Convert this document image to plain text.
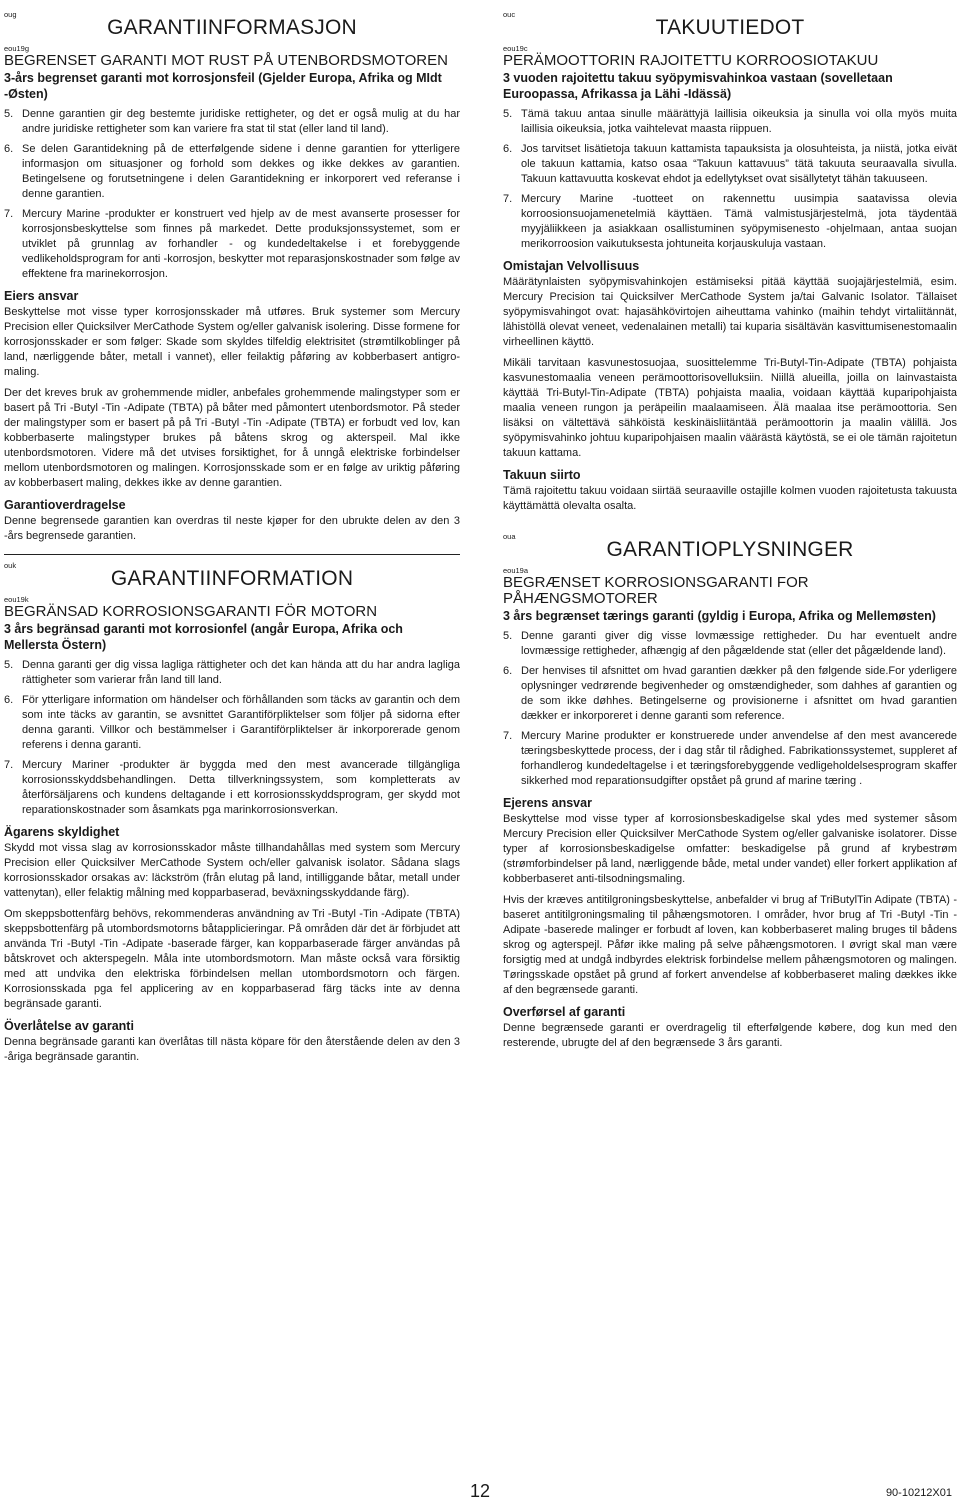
oug
GARANTIINFORMASJON
eou19g
BEGRENSET GARANTI MOT RUST PÅ UTENBORDSMOTOREN
3-års begrenset garanti mot korrosjonsfeil (Gjelder Europa, Afrika og MIdt -Østen)
5. Denne garantien gir deg bestemte juridiske rettigheter, og det er også mulig at du har andre juridiske rettigheter som kan variere fra stat til stat (eller land til land).
6. Se delen Garantidekning på de etterfølgende sidene i denne garantien for ytterligere informasjon om situasjoner og forhold som dekkes og ikke dekkes av garantien. Betingelsene og forutsetningene i delen Garantidekning er inkorporert ved referanse i denne garantien.
7. Mercury Marine -produkter er konstruert ved hjelp av de mest avanserte prosesser for korrosjonsbeskyttelse som finnes på markedet. Dette produksjonssystemet, som er utviklet på grunnlag av forhandler - og kundedeltakelse i et forebyggende vedlikeholdsprogram for anti -korrosjon, beskytter mot reparasjonskostnader som følge av effektene fra marinekorrosjon.
Eiers ansvar

Beskyttelse mot visse typer korrosjonsskader må utføres. Bruk systemer som Mercury Precision eller Quicksilver MerCathode System og/eller galvanisk isolering. Disse formene for korrosjonsskader er som følger: Skade som skyldes tilfeldig elektrisitet (strømtilkoblinger på land, nærliggende båter, metall i vannet), eller feilaktig påføring av kobberbasert antigro-maling.

Der det kreves bruk av grohemmende midler, anbefales grohemmende malingstyper som er basert på Tri -Butyl -Tin -Adipate (TBTA) på båter med påmontert utenbordsmotor. På steder der malingstyper som er basert på på Tri -Butyl -Tin -Adipate (TBTA) er forbudt ved lov, kan kobberbaserte malingstyper brukes på båtens skrog og akterspeil. Mal ikke utenbordsmotoren. Videre må det utvises forsiktighet, for å unngå elektriske forbindelser mellom utenbordsmotoren og malingen. Korrosjonsskade som er en følge av uriktig påføring av kobberbasert maling, dekkes ikke av denne garantien.

Garantioverdragelse

Denne begrensede garantien kan overdras til neste kjøper for den ubrukte delen av den 3 -års begrensede garantien.

ouk
GARANTIINFORMATION
eou19k
BEGRÄNSAD KORROSIONSGARANTI FÖR MOTORN
3 års begränsad garanti mot korrosionfel (angår Europa, Afrika och Mellersta Östern)
5. Denna garanti ger dig vissa lagliga rättigheter och det kan hända att du har andra lagliga rättigheter som varierar från land till land.
6. För ytterligare information om händelser och förhållanden som täcks av garantin och dem som inte täcks av garantin, se avsnittet Garantiförpliktelser som följer på sidorna efter denna garanti. Villkor och bestämmelser i Garantiförpliktelser är inkorporerade genom referens i denna garanti.
7. Mercury Mariner -produkter är byggda med den mest avancerade tillgängliga korrosionsskyddsbehandlingen. Detta tillverkningssystem, som kompletterats av återförsäljarens och kundens deltagande i ett korrosionsskyddsprogram, ger skydd mot reparationskostnader som åsamkats pga marinkorrosionsverkan.
Ägarens skyldighet

Skydd mot vissa slag av korrosionsskador måste tillhandahållas med system som Mercury Precision eller Quicksilver MerCathode System och/eller galvanisk isolator. Sådana slags korrosionsskador orsakas av: läckström (från elutag på land, intilliggande båtar, metall under vattenytan), eller felaktig målning med kopparbaserad, beväxningsskyddande färg).

Om skeppsbottenfärg behövs, rekommenderas användning av Tri -Butyl -Tin -Adipate (TBTA) skeppsbottenfärg på utombordsmotorns båtapplicieringar. På områden där det är förbjudet att använda Tri -Butyl -Tin -Adipate -baserade färger, kan kopparbaserade färger användas på båtskrovet och akterspegeln. Måla inte utombordsmotorn. Man måste också vara försiktig med att undvika den elektriska förbindelsen mellan utombordsmotorn och färgen. Korrosionsskada pga fel applicering av en kopparbaserad färg täcks inte av denna begränsade garanti.

Överlåtelse av garanti

Denna begränsade garanti kan överlåtas till nästa köpare för den återstående delen av den 3 -åriga begränsade garantin.

ouc
TAKUUTIEDOT
eou19c
PERÄMOOTTORIN RAJOITETTU KORROOSIOTAKUU
3 vuoden rajoitettu takuu syöpymisvahinkoa vastaan (sovelletaan Euroopassa, Afrikassa ja Lähi -Idässä)
5. Tämä takuu antaa sinulle määrättyjä laillisia oikeuksia ja sinulla voi olla myös muita laillisia oikeuksia, jotka vaihtelevat maasta riippuen.
6. Jos tarvitset lisätietoja takuun kattamista tapauksista ja olosuhteista, ja niistä, jotka eivät ole takuun kattamia, katso osaa “Takuun kattavuus” tätä takuuta seuraavalla sivulla. Takuun kattavuutta koskevat ehdot ja edellytykset ovat sisällytetyt tähän takuuseen.
7. Mercury Marine -tuotteet on rakennettu uusimpia saatavissa olevia korroosionsuojamenetelmiä käyttäen. Tämä valmistusjärjestelmä, jota täydentää myyjäliikkeen ja asiakkaan osallistuminen syöpymisenesto -ohjelmaan, antaa suojan merikorroosion vaikutuksesta johtuneita korjauskuluja vastaan.
Omistajan Velvollisuus

Määrätynlaisten syöpymisvahinkojen estämiseksi pitää käyttää suojajärjestelmiä, esim. Mercury Precision tai Quicksilver MerCathode System ja/tai Galvanic Isolator. Tällaiset syöpymisvahingot ovat: hajasähkövirtojen aiheuttama vahinko (maihin tehdyt virtaliitännät, lähistöllä olevat veneet, vedenalainen metalli) tai kuparia sisältävän kasvittumisenestomaalin virheellinen käyttö.

Mikäli tarvitaan kasvunestosuojaa, suosittelemme Tri-Butyl-Tin-Adipate (TBTA) pohjaista kasvunestomaalia veneen perämoottorisovelluksiin. Niillä alueilla, joilla on lainvastaista käyttää Tri-Butyl-Tin-Adipate (TBTA) pohjaista maalia, voidaan käyttää kuparipohjaista maalia veneen rungon ja peräpeilin maalaamiseen. Älä maalaa itse perämoottoria. Sen lisäksi on vältettävä sähköistä keskinäisliitäntää perämoottorin ja maalin välillä. Jos syöpymisvahinko johtuu kuparipohjaisen maalin väärästä käytöstä, se ei ole tämän rajoitetun takuun kattama.

Takuun siirto

Tämä rajoitettu takuu voidaan siirtää seuraaville ostajille kolmen vuoden rajoitetusta takuusta käyttämättä olevalta osalta.

oua
GARANTIOPLYSNINGER
eou19a
BEGRÆNSET KORROSIONSGARANTI FOR PÅHÆNGSMOTORER
3 års begrænset tærings garanti (gyldig i Europa, Afrika og Mellemøsten)
5. Denne garanti giver dig visse lovmæssige rettigheder. Du har eventuelt andre lovmæssige rettigheder, afhængig af den pågældende stat (eller det pågældende land).
6. Der henvises til afsnittet om hvad garantien dækker på den følgende side.For yderligere oplysninger vedrørende begivenheder og omstændigheder, som dahhes af garantien og de som ikke døhhes. Betingelserne og provisionerne i afsnittet om hvad garantien dækker er inkorporeret i denne garanti som reference.
7. Mercury Marine produkter er konstruerede under anvendelse af den mest avancerede tæringsbeskyttede process, der i dag står til rådighed. Fabrikationssystemet, suppleret af forhandlerog kundedeltagelse i et tæringsforebyggende vedligeholdelsesprogram skaffer sikkerhed mod reparationsudgifter opstået på grund af marine tæring .
Ejerens ansvar

Beskyttelse mod visse typer af korrosionsbeskadigelse skal ydes med systemer såsom Mercury Precision eller Quicksilver MerCathode System og/eller galvaniske isolatorer. Disse typer af korrosionsbeskadigelse omfatter: beskadigelse på grund af krybestrøm (strømforbindelser på land, nærliggende både, metal under vandet) eller forkert applikation af kobberbaseret anti-tilsodningsmaling.

Hvis der kræves antitilgroningsbeskyttelse, anbefalder vi brug af TriButylTin Adipate (TBTA) -baseret antitilgroningsmaling til påhængsmotoren. I områder, hvor brug af Tri -Butyl -Tin -Adipate -baserede malinger er forbudt af loven, kan kobberbaseret maling bruges til bådens skrog og agterspejl. Påfør ikke maling på selve påhængsmotoren. I øvrigt skal man være forsigtig med at undgå indbyrdes elektrisk forbindelse mellem påhængsmotoren og malingen. Tøringsskade opstået på grund af forkert anvendelse af kobberbaseret maling dækkes ikke af den begrænsede garanti.

Overførsel af garanti

Denne begrænsede garanti er overdragelig til efterfølgende købere, dog kun med den resterende, ubrugte del af den begrænsede 3 års garanti.

12	90-10212X01
